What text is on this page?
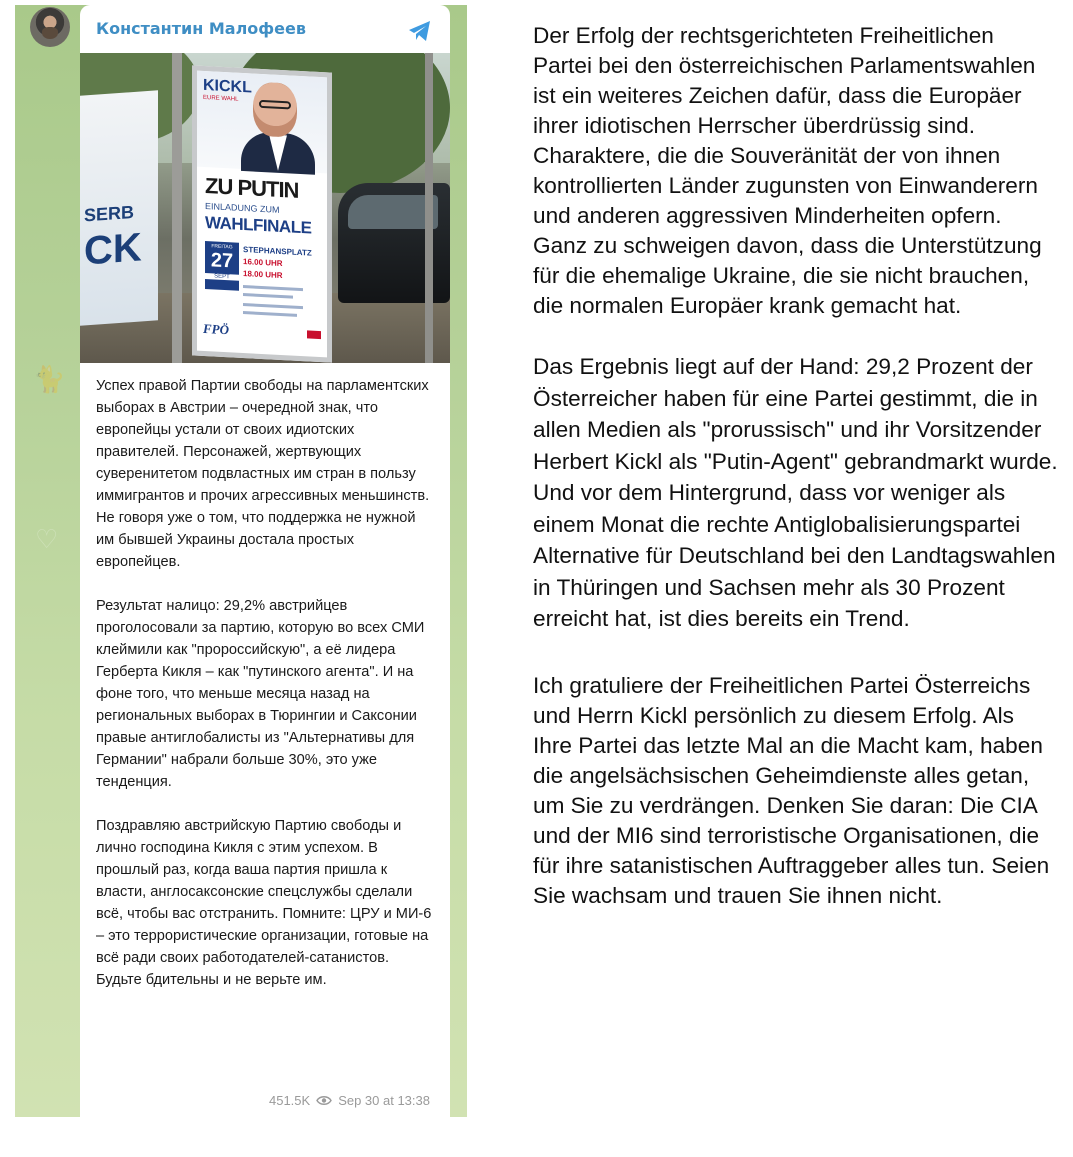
🐈
♡
Константин Малофеев
SERB
CK
KICKL
EURE WAHL
ZU PUTIN
EINLADUNG ZUM
WAHLFINALE
FREITAG
27
SEPT
STEPHANSPLATZ
16.00 UHR
18.00 UHR
FPÖ

Успех правой Партии свободы на парламентских выборах в Австрии – очередной знак, что европейцы устали от своих идиотских правителей. Персонажей, жертвующих суверенитетом подвластных им стран в пользу иммигрантов и прочих агрессивных меньшинств. Не говоря уже о том, что поддержка не нужной им бывшей Украины достала простых европейцев.

Результат налицо: 29,2% австрийцев проголосовали за партию, которую во всех СМИ клеймили как "пророссийскую", а её лидера Герберта Кикля – как "путинского агента". И на фоне того, что меньше месяца назад на региональных выборах в Тюрингии и Саксонии правые антиглобалисты из "Альтернативы для Германии" набрали больше 30%, это уже тенденция.

Поздравляю австрийскую Партию свободы и лично господина Кикля с этим успехом. В прошлый раз, когда ваша партия пришла к власти, англосаксонские спецслужбы сделали всё, чтобы вас отстранить. Помните: ЦРУ и МИ-6 – это террористические организации, готовые на всё ради своих работодателей-сатанистов. Будьте бдительны и не верьте им.

451.5K Sep 30 at 13:38

Der Erfolg der rechtsgerichteten Freiheitlichen Partei bei den österreichischen Parlamentswahlen ist ein weiteres Zeichen dafür, dass die Europäer ihrer idiotischen Herrscher überdrüssig sind. Charaktere, die die Souveränität der von ihnen kontrollierten Länder zugunsten von Einwanderern und anderen aggressiven Minderheiten opfern. Ganz zu schweigen davon, dass die Unterstützung für die ehemalige Ukraine, die sie nicht brauchen, die normalen Europäer krank gemacht hat.

Das Ergebnis liegt auf der Hand: 29,2 Prozent der Österreicher haben für eine Partei gestimmt, die in allen Medien als "prorussisch" und ihr Vorsitzender Herbert Kickl als "Putin-Agent" gebrandmarkt wurde. Und vor dem Hintergrund, dass vor weniger als einem Monat die rechte Antiglobalisierungspartei Alternative für Deutschland bei den Landtagswahlen in Thüringen und Sachsen mehr als 30 Prozent erreicht hat, ist dies bereits ein Trend.

Ich gratuliere der Freiheitlichen Partei Österreichs und Herrn Kickl persönlich zu diesem Erfolg. Als Ihre Partei das letzte Mal an die Macht kam, haben die angelsächsischen Geheimdienste alles getan, um Sie zu verdrängen. Denken Sie daran: Die CIA und der MI6 sind terroristische Organisationen, die für ihre satanistischen Auftraggeber alles tun. Seien Sie wachsam und trauen Sie ihnen nicht.
